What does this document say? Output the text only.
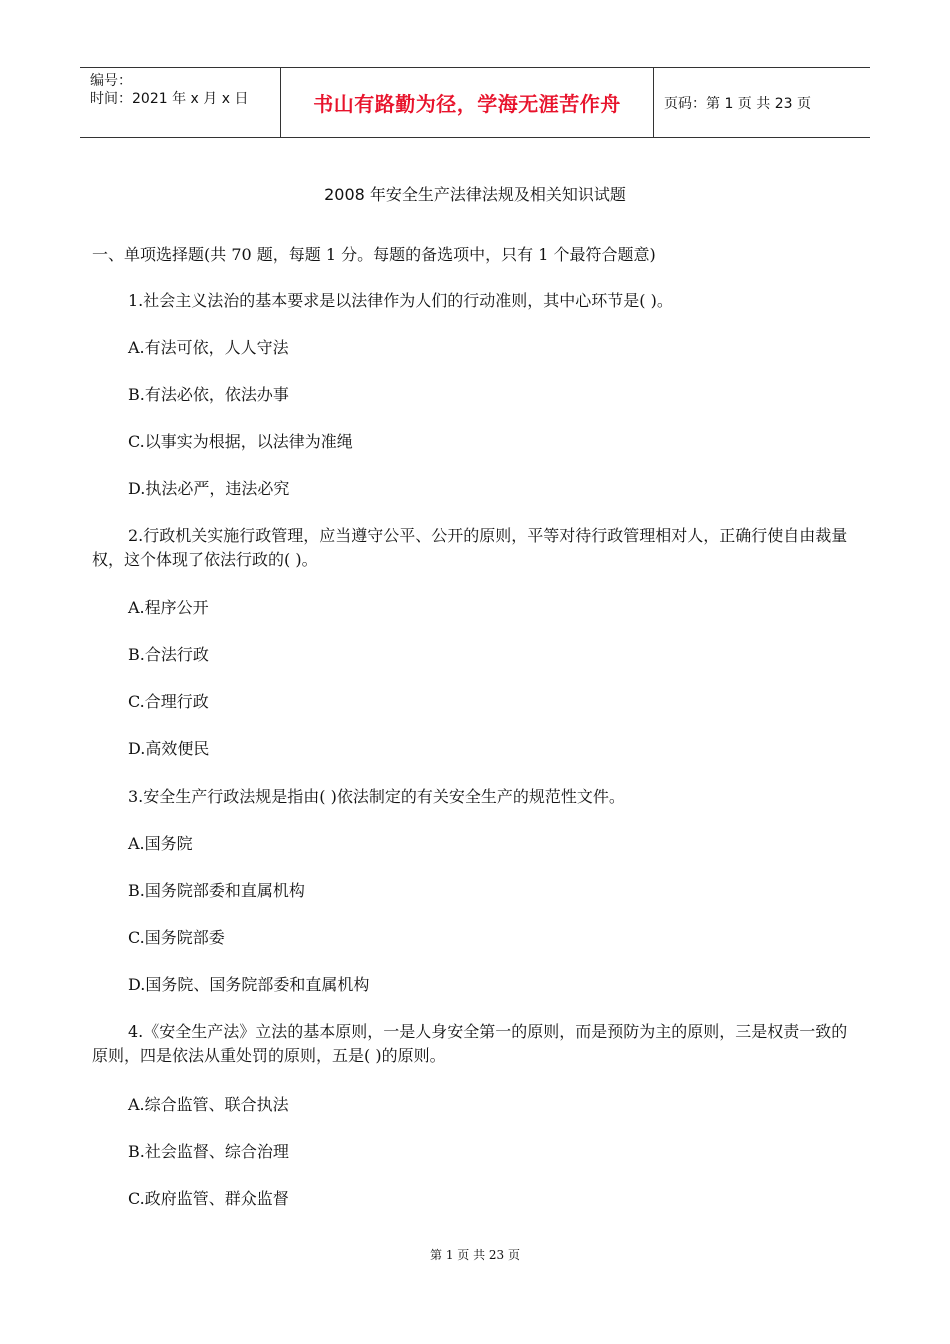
编号：
时间：2021 年 x 月 x 日	书山有路勤为径，学海无涯苦作舟	页码：第 1 页 共 23 页
2008 年安全生产法律法规及相关知识试题
一、单项选择题(共 70 题，每题 1 分。每题的备选项中，只有 1 个最符合题意)
1.社会主义法治的基本要求是以法律作为人们的行动准则，其中心环节是( )。
A.有法可依，人人守法
B.有法必依，依法办事
C.以事实为根据，以法律为准绳
D.执法必严，违法必究
2.行政机关实施行政管理，应当遵守公平、公开的原则，平等对待行政管理相对人，正确行使自由裁量权，这个体现了依法行政的( )。
A.程序公开
B.合法行政
C.合理行政
D.高效便民
3.安全生产行政法规是指由( )依法制定的有关安全生产的规范性文件。
A.国务院
B.国务院部委和直属机构
C.国务院部委
D.国务院、国务院部委和直属机构
4.《安全生产法》立法的基本原则，一是人身安全第一的原则，而是预防为主的原则，三是权责一致的原则，四是依法从重处罚的原则，五是( )的原则。
A.综合监管、联合执法
B.社会监督、综合治理
C.政府监管、群众监督
第 1 页 共 23 页
